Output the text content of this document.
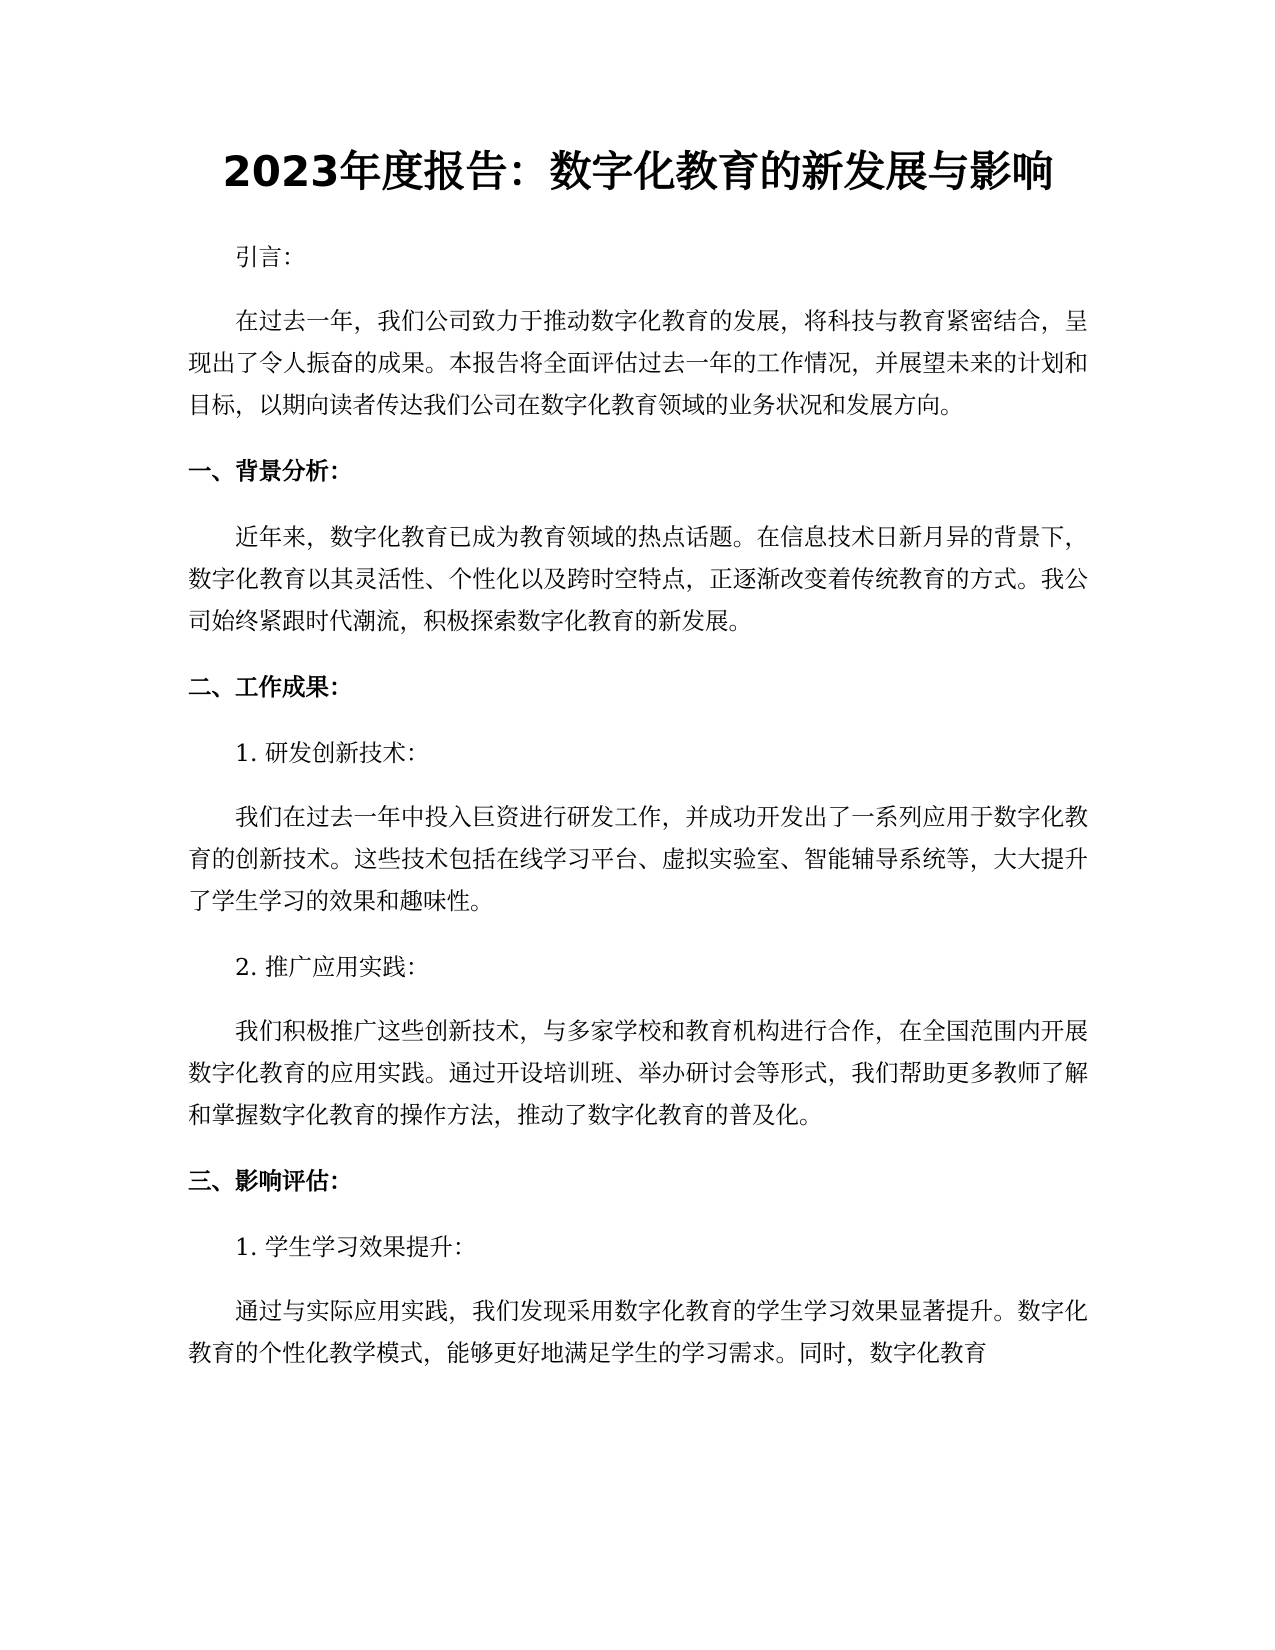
2023年度报告：数字化教育的新发展与影响

引言：

在过去一年，我们公司致力于推动数字化教育的发展，将科技与教育紧密结合，呈现出了令人振奋的成果。本报告将全面评估过去一年的工作情况，并展望未来的计划和目标，以期向读者传达我们公司在数字化教育领域的业务状况和发展方向。

一、背景分析：

近年来，数字化教育已成为教育领域的热点话题。在信息技术日新月异的背景下，数字化教育以其灵活性、个性化以及跨时空特点，正逐渐改变着传统教育的方式。我公司始终紧跟时代潮流，积极探索数字化教育的新发展。

二、工作成果：

1. 研发创新技术：

我们在过去一年中投入巨资进行研发工作，并成功开发出了一系列应用于数字化教育的创新技术。这些技术包括在线学习平台、虚拟实验室、智能辅导系统等，大大提升了学生学习的效果和趣味性。

2. 推广应用实践：

我们积极推广这些创新技术，与多家学校和教育机构进行合作，在全国范围内开展数字化教育的应用实践。通过开设培训班、举办研讨会等形式，我们帮助更多教师了解和掌握数字化教育的操作方法，推动了数字化教育的普及化。

三、影响评估：

1. 学生学习效果提升：

通过与实际应用实践，我们发现采用数字化教育的学生学习效果显著提升。数字化教育的个性化教学模式，能够更好地满足学生的学习需求。同时，数字化教育
